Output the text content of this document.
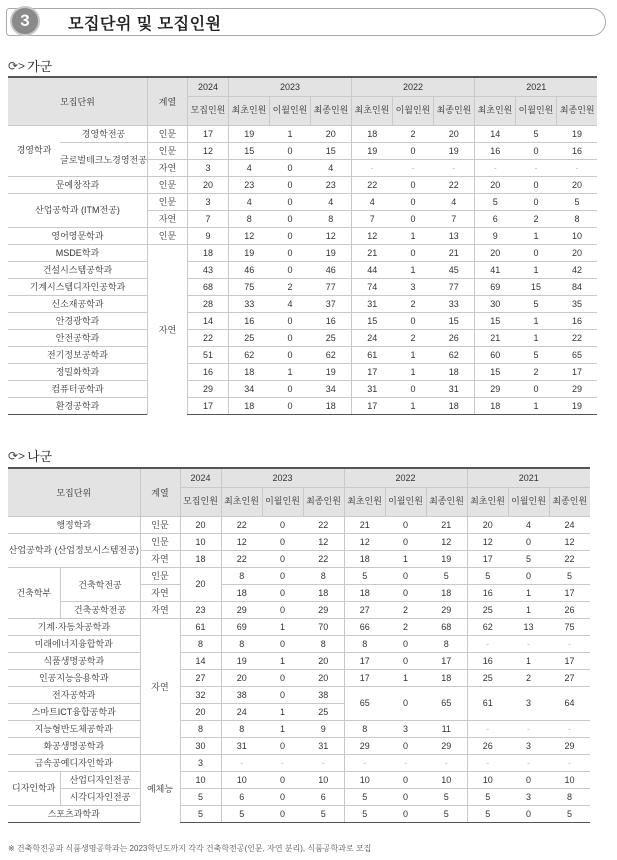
3	모집단위 및 모집인원
⟳> 가군
모집단위		계열	2024	2023			2022			2021		
			모집인원	최초인원	이월인원	최종인원	최초인원	이월인원	최종인원	최초인원	이월인원	최종인원
경영학과	경영학전공	인문	17	19	1	20	18	2	20	14	5	19
	글로벌테크노경영전공	인문	12	15	0	15	19	0	19	16	0	16
		자연	3	4	0	4	-	-	-	-	-	-
문예창작과		인문	20	23	0	23	22	0	22	20	0	20
산업공학과 (ITM전공)		인문	3	4	0	4	4	0	4	5	0	5
		자연	7	8	0	8	7	0	7	6	2	8
영어영문학과		인문	9	12	0	12	12	1	13	9	1	10
MSDE학과		자연	18	19	0	19	21	0	21	20	0	20
건설시스템공학과			43	46	0	46	44	1	45	41	1	42
기계시스템디자인공학과			68	75	2	77	74	3	77	69	15	84
신소재공학과			28	33	4	37	31	2	33	30	5	35
안경광학과			14	16	0	16	15	0	15	15	1	16
안전공학과			22	25	0	25	24	2	26	21	1	22
전기정보공학과			51	62	0	62	61	1	62	60	5	65
정밀화학과			16	18	1	19	17	1	18	15	2	17
컴퓨터공학과			29	34	0	34	31	0	31	29	0	29
환경공학과			17	18	0	18	17	1	18	18	1	19
⟳> 나군
모집단위		계열	2024	2023			2022			2021		
			모집인원	최초인원	이월인원	최종인원	최초인원	이월인원	최종인원	최초인원	이월인원	최종인원
행정학과		인문	20	22	0	22	21	0	21	20	4	24
산업공학과 (산업정보시스템전공)		인문	10	12	0	12	12	0	12	12	0	12
		자연	18	22	0	22	18	1	19	17	5	22
건축학부	건축학전공	인문	20	8	0	8	5	0	5	5	0	5
		자연		18	0	18	18	0	18	16	1	17
	건축공학전공	자연	23	29	0	29	27	2	29	25	1	26
기계·자동차공학과		자연	61	69	1	70	66	2	68	62	13	75
미래에너지융합학과			8	8	0	8	8	0	8	-	-	-
식품생명공학과			14	19	1	20	17	0	17	16	1	17
인공지능응용학과			27	20	0	20	17	1	18	25	2	27
전자공학과			32	38	0	38	65	0	65	61	3	64
스마트ICT융합공학과			20	24	1	25						
지능형반도체공학과			8	8	1	9	8	3	11	-	-	-
화공생명공학과			30	31	0	31	29	0	29	26	3	29
금속공예디자인학과		예체능	3	-	-	-	-	-	-	-	-	-
디자인학과	산업디자인전공		10	10	0	10	10	0	10	10	0	10
	시각디자인전공		5	6	0	6	5	0	5	5	3	8
스포츠과학과			5	5	0	5	5	0	5	5	0	5
※ 건축학전공과 식품생명공학과는 2023학년도까지 각각 건축학전공(인문, 자연 분리), 식품공학과로 모집
